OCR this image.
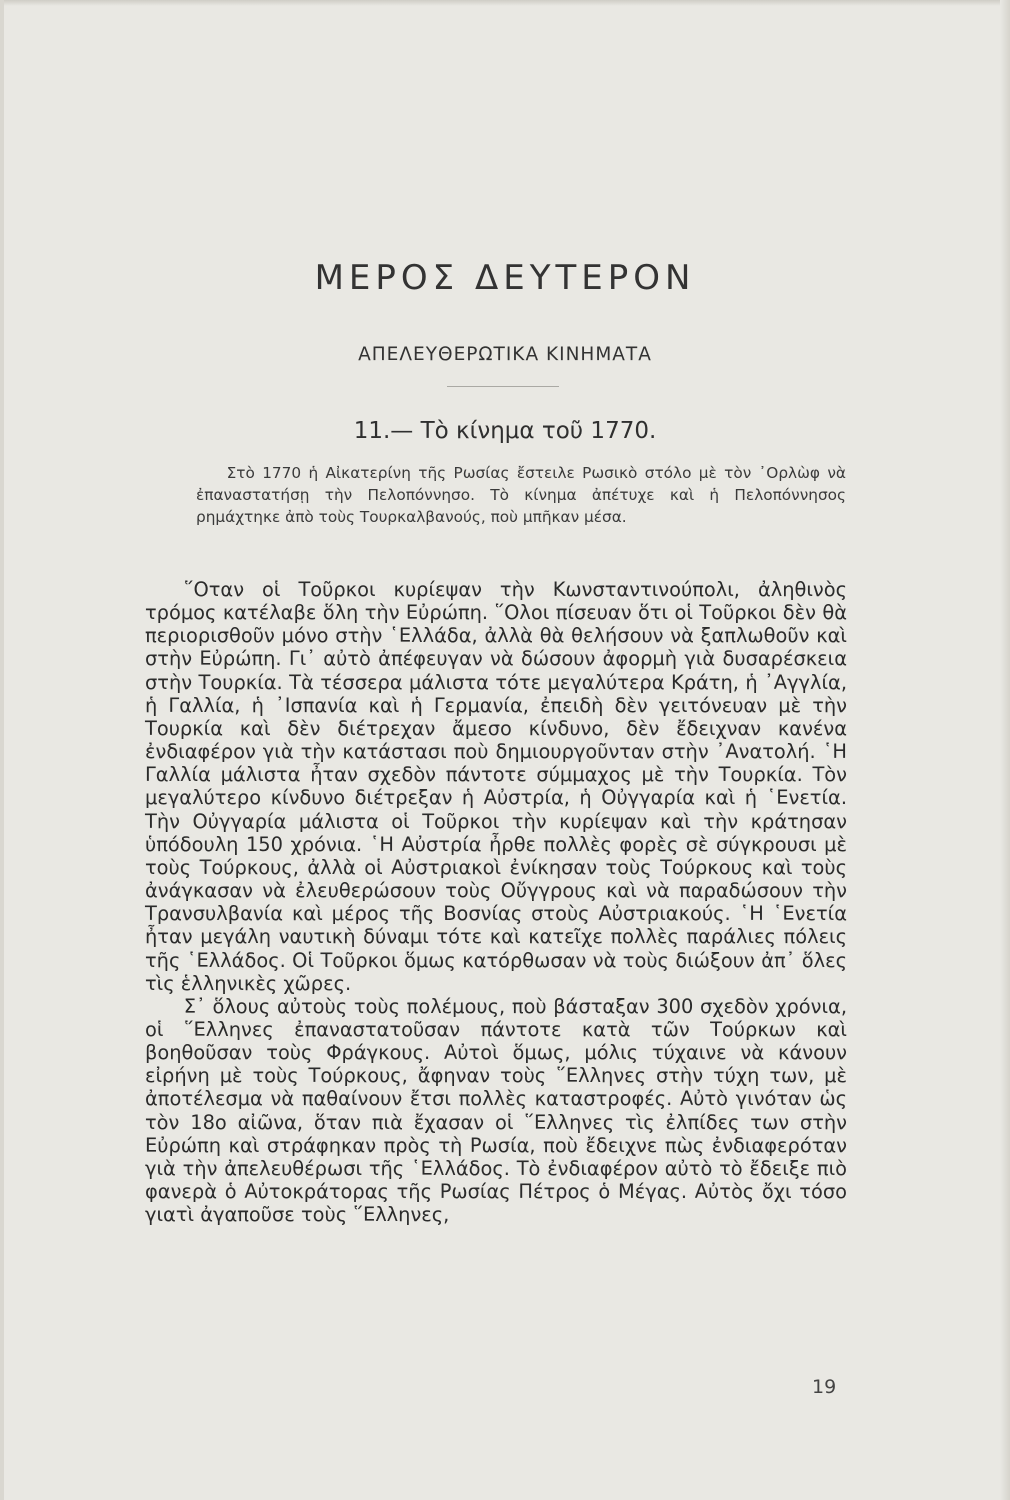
ΜΕΡΟΣ ΔΕΥΤΕΡΟΝ
ΑΠΕΛΕΥΘΕΡΩΤΙΚΑ ΚΙΝΗΜΑΤΑ
11.— Τὸ κίνημα τοῦ 1770.

Στὸ 1770 ἡ Αἰκατερίνη τῆς Ρωσίας ἔστειλε Ρωσικὸ στόλο μὲ τὸν ᾿Ορλὼφ νὰ ἐπαναστατήσῃ τὴν Πελοπόννησο. Τὸ κίνημα ἀπέτυχε καὶ ἡ Πελοπόννησος ρημάχτηκε ἀπὸ τοὺς Τουρκαλβανούς, ποὺ μπῆκαν μέσα.

῞Οταν οἱ Τοῦρκοι κυρίεψαν τὴν Κωνσταντινούπολι, ἀληθινὸς τρόμος κατέλαβε ὅλη τὴν Εὐρώπη. ῞Ολοι πίσευαν ὅτι οἱ Τοῦρκοι δὲν θὰ περιορισθοῦν μόνο στὴν ῾Ελλάδα, ἀλλὰ θὰ θελήσουν νὰ ξαπλωθοῦν καὶ στὴν Εὐρώπη. Γι᾿ αὐτὸ ἀπέφευγαν νὰ δώσουν ἀφορμὴ γιὰ δυσαρέσκεια στὴν Τουρκία. Τὰ τέσσερα μάλιστα τότε μεγαλύτερα Κράτη, ἡ ᾿Αγγλία, ἡ Γαλλία, ἡ ᾿Ισπανία καὶ ἡ Γερμανία, ἐπειδὴ δὲν γειτόνευαν μὲ τὴν Τουρκία καὶ δὲν διέτρεχαν ἄμεσο κίνδυνο, δὲν ἔδειχναν κανένα ἐνδιαφέρον γιὰ τὴν κατάστασι ποὺ δημιουργοῦνταν στὴν ᾿Ανατολή. ῾Η Γαλλία μάλιστα ἦταν σχεδὸν πάντοτε σύμμαχος μὲ τὴν Τουρκία. Τὸν μεγαλύτερο κίνδυνο διέτρεξαν ἡ Αὐστρία, ἡ Οὐγγαρία καὶ ἡ ῾Ενετία. Τὴν Οὐγγαρία μάλιστα οἱ Τοῦρκοι τὴν κυρίεψαν καὶ τὴν κράτησαν ὑπόδουλη 150 χρόνια. ῾Η Αὐστρία ἦρθε πολλὲς φορὲς σὲ σύγκρουσι μὲ τοὺς Τούρκους, ἀλλὰ οἱ Αὐστριακοὶ ἐνίκησαν τοὺς Τούρκους καὶ τοὺς ἀνάγκασαν νὰ ἐλευθερώσουν τοὺς Οὔγγρους καὶ νὰ παραδώσουν τὴν Τρανσυλβανία καὶ μέρος τῆς Βοσνίας στοὺς Αὐστριακούς. ῾Η ῾Ενετία ἦταν μεγάλη ναυτικὴ δύναμι τότε καὶ κατεῖχε πολλὲς παράλιες πόλεις τῆς ῾Ελλάδος. Οἱ Τοῦρκοι ὅμως κατόρθωσαν νὰ τοὺς διώξουν ἀπ᾿ ὅλες τὶς ἑλληνικὲς χῶρες.

Σ᾿ ὅλους αὐτοὺς τοὺς πολέμους, ποὺ βάσταξαν 300 σχεδὸν χρόνια, οἱ ῞Ελληνες ἐπαναστατοῦσαν πάντοτε κατὰ τῶν Τούρκων καὶ βοηθοῦσαν τοὺς Φράγκους. Αὐτοὶ ὅμως, μόλις τύχαινε νὰ κάνουν εἰρήνη μὲ τοὺς Τούρκους, ἄφηναν τοὺς ῞Ελληνες στὴν τύχη των, μὲ ἀποτέλεσμα νὰ παθαίνουν ἔτσι πολλὲς καταστροφές. Αὐτὸ γινόταν ὡς τὸν 18ο αἰῶνα, ὅταν πιὰ ἔχασαν οἱ ῞Ελληνες τὶς ἐλπίδες των στὴν Εὐρώπη καὶ στράφηκαν πρὸς τὴ Ρωσία, ποὺ ἔδειχνε πὼς ἐνδιαφερόταν γιὰ τὴν ἀπελευθέρωσι τῆς ῾Ελλάδος. Τὸ ἐνδιαφέρον αὐτὸ τὸ ἔδειξε πιὸ φανερὰ ὁ Αὐτοκράτορας τῆς Ρωσίας Πέτρος ὁ Μέγας. Αὐτὸς ὄχι τόσο γιατὶ ἀγαποῦσε τοὺς ῞Ελληνες,

19
